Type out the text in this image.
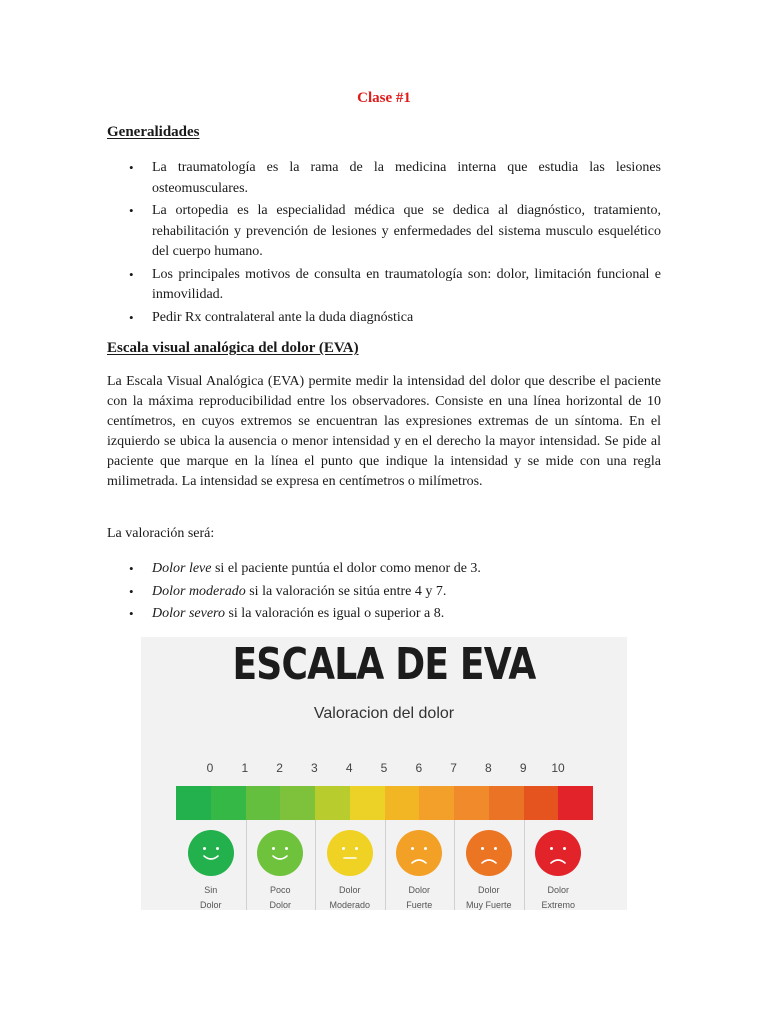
Clase #1
Generalidades
• La traumatología es la rama de la medicina interna que estudia las lesiones osteomusculares.
• La ortopedia es la especialidad médica que se dedica al diagnóstico, tratamiento, rehabilitación y prevención de lesiones y enfermedades del sistema musculo esquelético del cuerpo humano.
• Los principales motivos de consulta en traumatología son: dolor, limitación funcional e inmovilidad.
• Pedir Rx contralateral ante la duda diagnóstica
Escala visual analógica del dolor (EVA)

La Escala Visual Analógica (EVA) permite medir la intensidad del dolor que describe el paciente con la máxima reproducibilidad entre los observadores. Consiste en una línea horizontal de 10 centímetros, en cuyos extremos se encuentran las expresiones extremas de un síntoma. En el izquierdo se ubica la ausencia o menor intensidad y en el derecho la mayor intensidad. Se pide al paciente que marque en la línea el punto que indique la intensidad y se mide con una regla milimetrada. La intensidad se expresa en centímetros o milímetros.

La valoración será:

• Dolor leve si el paciente puntúa el dolor como menor de 3.
• Dolor moderado si la valoración se sitúa entre 4 y 7.
• Dolor severo si la valoración es igual o superior a 8.
ESCALA DE EVA
Valoracion del dolor
0	1	2	3	4	5	6	7	8	9	10
Sin
Dolor
Poco
Dolor
Dolor
Moderado
Dolor
Fuerte
Dolor
Muy Fuerte
Dolor
Extremo
